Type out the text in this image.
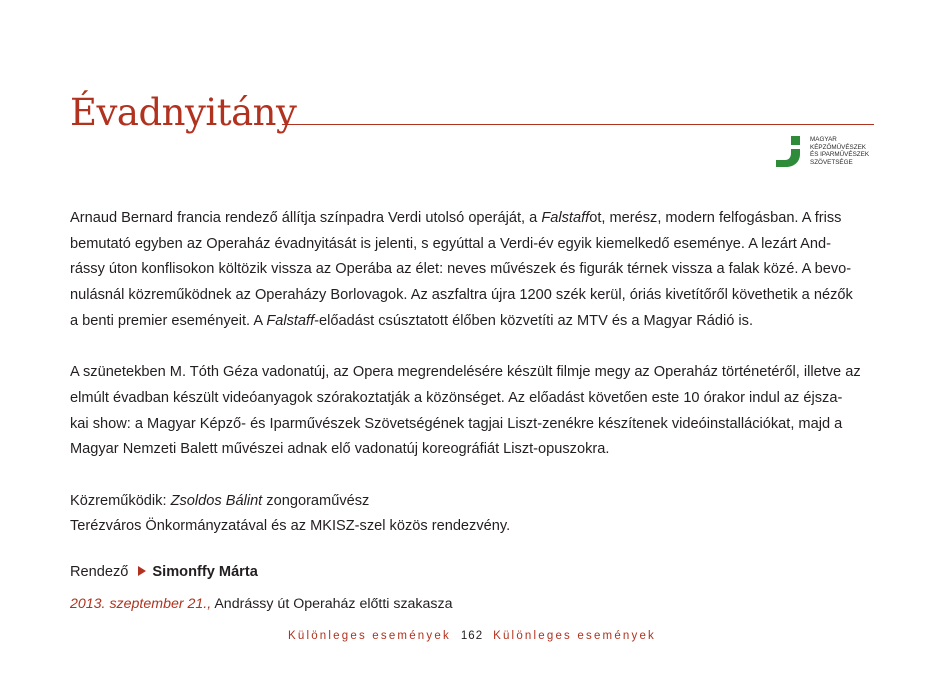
Évadnyitány
MAGYAR
KÉPZŐMŰVÉSZEK
ÉS IPARMŰVÉSZEK
SZÖVETSÉGE
Arnaud Bernard francia rendező állítja színpadra Verdi utolsó operáját, a Falstaffot, merész, modern felfogásban. A friss
bemutató egyben az Operaház évadnyitását is jelenti, s egyúttal a Verdi-év egyik kiemelkedő eseménye. A lezárt And-
rássy úton konflisokon költözik vissza az Operába az élet: neves művészek és figurák térnek vissza a falak közé. A bevo-
nulásnál közreműködnek az Operaházy Borlovagok. Az aszfaltra újra 1200 szék kerül, óriás kivetítőről követhetik a nézők
a benti premier eseményeit. A Falstaff-előadást csúsztatott élőben közvetíti az MTV és a Magyar Rádió is.
A szünetekben M. Tóth Géza vadonatúj, az Opera megrendelésére készült filmje megy az Operaház történetéről, illetve az
elmúlt évadban készült videóanyagok szórakoztatják a közönséget. Az előadást követően este 10 órakor indul az éjsza-
kai show: a Magyar Képző- és Iparművészek Szövetségének tagjai Liszt-zenékre készítenek videóinstallációkat, majd a
Magyar Nemzeti Balett művészei adnak elő vadonatúj koreográfiát Liszt-opuszokra.
Közreműködik: Zsoldos Bálint zongoraművész
Terézváros Önkormányzatával és az MKISZ-szel közös rendezvény.
Rendező Simonffy Márta
2013. szeptember 21., Andrássy út Operaház előtti szakasza
Különleges események 162 Különleges események
